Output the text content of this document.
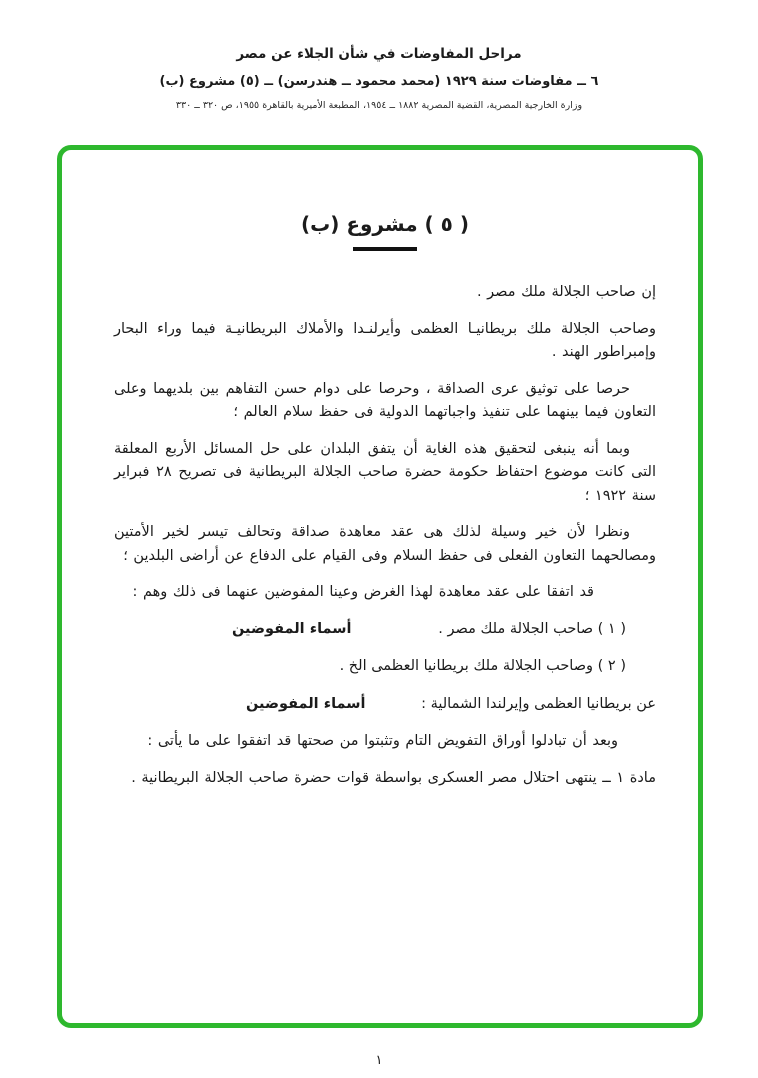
مراحل المفاوضات في شأن الجلاء عن مصر
٦ ــ مفاوضات سنة ١٩٢٩ (محمد محمود ــ هندرسن) ــ (٥) مشروع (ب)
وزارة الخارجية المصرية، القضية المصرية ١٨٨٢ ــ ١٩٥٤، المطبعة الأميرية بالقاهرة ١٩٥٥، ص ٣٢٠ ــ ٣٣٠
( ٥ ) مشروع (ب)

إن صاحب الجلالة ملك مصر .

وصاحب الجلالة ملك بريطانيـا العظمى وأيرلنـدا والأملاك البريطانيـة فيما وراء البحار وإمبراطور الهند .

حرصا على توثيق عرى الصداقة ، وحرصا على دوام حسن التفاهم بين بلديهما وعلى التعاون فيما بينهما على تنفيذ واجباتهما الدولية فى حفظ سلام العالم ؛

وبما أنه ينبغى لتحقيق هذه الغاية أن يتفق البلدان على حل المسائل الأربع المعلقة التى كانت موضوع احتفاظ حكومة حضرة صاحب الجلالة البريطانية فى تصريح ٢٨ فبراير سنة ١٩٢٢ ؛

ونظرا لأن خير وسيلة لذلك هى عقد معاهدة صداقة وتحالف تيسر لخير الأمتين ومصالحهما التعاون الفعلى فى حفظ السلام وفى القيام على الدفاع عن أراضى البلدين ؛

قد اتفقا على عقد معاهدة لهذا الغرض وعينا المفوضين عنهما فى ذلك وهم :

( ١ ) صاحب الجلالة ملك مصر .
أسماء المفوضين
( ٢ ) وصاحب الجلالة ملك بريطانيا العظمى الخ .
عن بريطانيا العظمى وإيرلندا الشمالية :
أسماء المفوضين

وبعد أن تبادلوا أوراق التفويض التام وتثبتوا من صحتها قد اتفقوا على ما يأتى :

مادة ١ ــ ينتهى احتلال مصر العسكرى بواسطة قوات حضرة صاحب الجلالة البريطانية .

١
